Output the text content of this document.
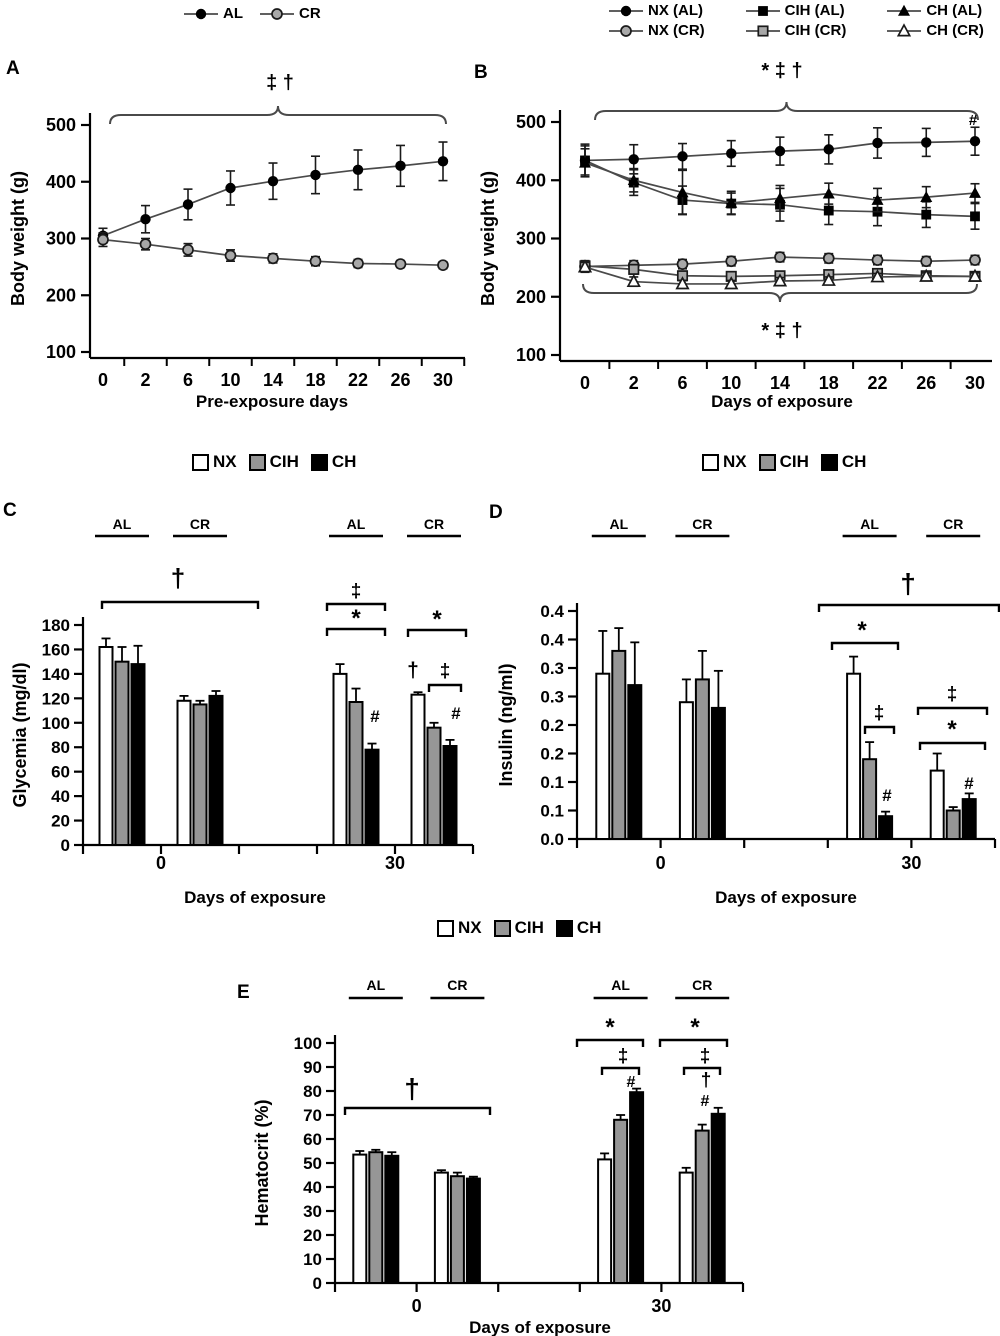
AL	CR	NX (AL)
NX (CR)
CIH (AL)
CIH (CR)
CH (AL)
CH (CR)
A	B
C	D
E
100
200
300
400
500
0 2 6 10 14 18 22 26 30
Pre-exposure days
Body weight (g)
‡ †
100
200
300
400
500
0 2 6 10 14 18 22 26 30
Days of exposure
Body weight (g)
* ‡ †
#
* ‡ †
NX CIH CH	NX CIH CH
0
20
40
60
80
100
120
140
160
180
0	30
Days of exposure
Glycemia (mg/dl)
AL	CR	AL	CR
†	‡
*	*
† ‡
#	#
0.0
0.1
0.1
0.2
0.2
0.3
0.3
0.4
0.4
0	30
Days of exposure
Insulin (ng/ml)
AL	CR	AL	CR
†
*
‡
‡
*
#
#
NX CIH CH
0
10
20
30
40
50
60
70
80
90
100
0	30
Days of exposure
Hematocrit (%)
AL	CR	AL	CR
†
*
‡
#
*
‡
†
#
